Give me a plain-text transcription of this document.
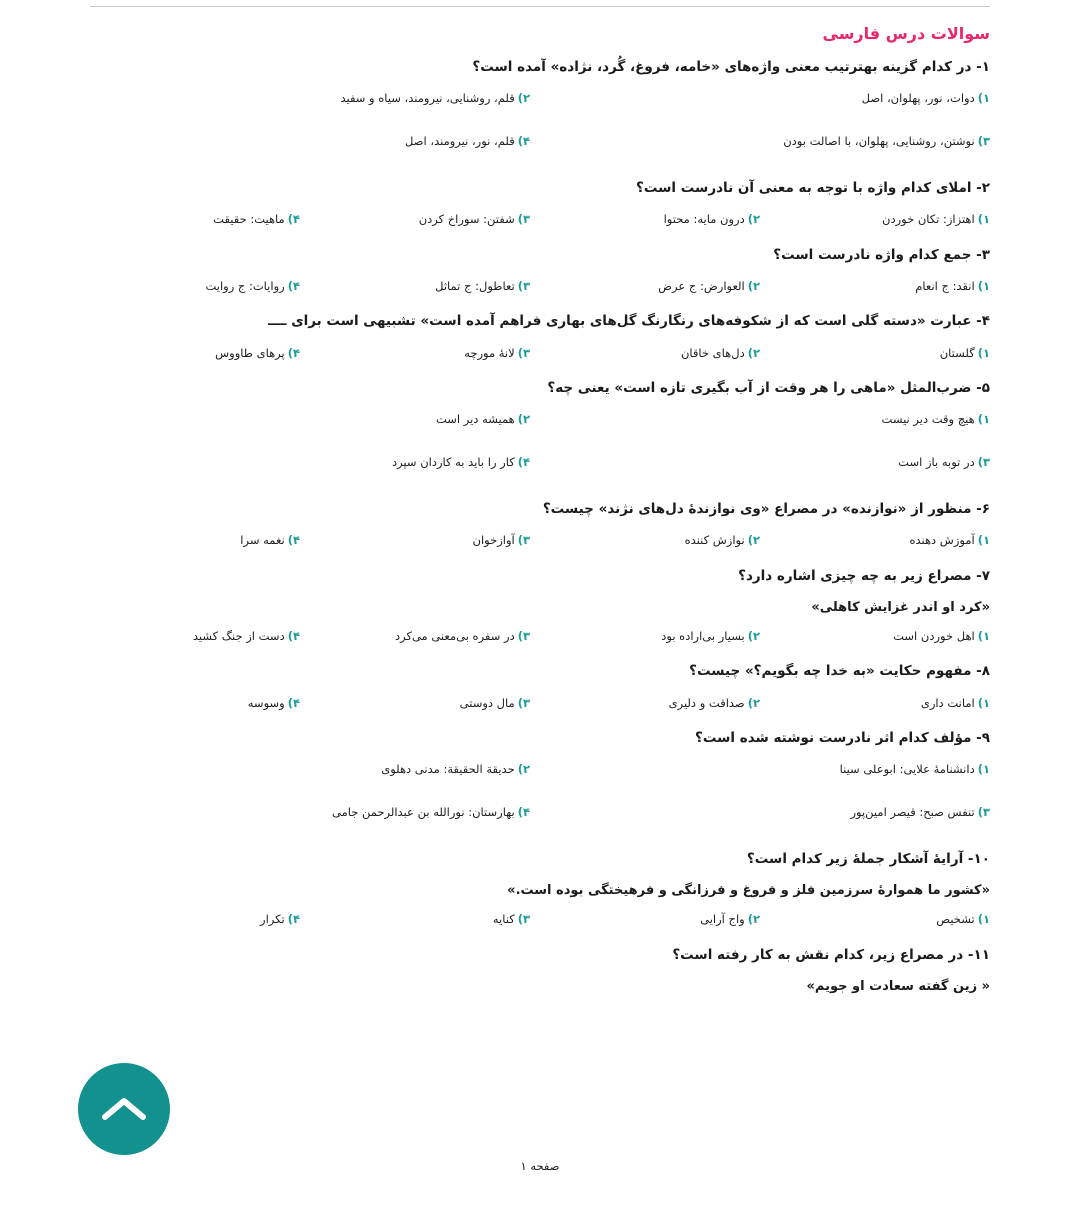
سوالات درس فارسی
۱- در کدام گزینه بهترتیب معنی واژه‌های «خامه، فروغ، گُرد، نژاده» آمده است؟
۱)دوات، نور، پهلوان، اصل
۲)قلم، روشنایی، نیرومند، سیاه و سفید
۳)نوشتن، روشنایی، پهلوان، با اصالت بودن
۴)قلم، نور، نیرومند، اصل
۲- املای کدام واژه با توجه به معنی آن نادرست است؟
۱)اهتزاز: تکان خوردن
۲)درون مایه: محتوا
۳)شفتن: سوراخ کردن
۴)ماهیت: حقیقت
۳- جمع کدام واژه نادرست است؟
۱)انقد: ج انعام
۲)العوارض: ج عرض
۳)تعاطول: ج تماثل
۴)روایات: ج روایت
۴- عبارت «دسته گلی است که از شکوفه‌های رنگارنگ گل‌های بهاری فراهم آمده است» تشبیهی است برای ــــ
۱)گلستان
۲)دل‌های خاقان
۳)لانهٔ مورچه
۴)پرهای طاووس
۵- ضرب‌المثل «ماهی را هر وقت از آب بگیری تازه است» یعنی چه؟
۱)هیچ وقت دیر نیست
۲)همیشه دیر است
۳)در توبه باز است
۴)کار را باید به کاردان سپرد
۶- منظور از «نوازنده» در مصراع «وی نوازندهٔ دل‌های نژند» چیست؟
۱)آموزش دهنده
۲)نوازش کننده
۳)آوازخوان
۴)نغمه سرا
۷- مصراع زیر به چه چیزی اشاره دارد؟
«کرد او اندر غزایش کاهلی»
۱)اهل خوردن است
۲)بسیار بی‌اراده بود
۳)در سفره بی‌معنی می‌کرد
۴)دست از جنگ کشید
۸- مفهوم حکایت «به خدا چه بگویم؟» چیست؟
۱)امانت داری
۲)صداقت و دلیری
۳)مال دوستی
۴)وسوسه
۹- مؤلف کدام اثر نادرست نوشته شده است؟
۱)دانشنامهٔ علایی: ابوعلی سینا
۲)حدیقة الحقیقة: مدنی دهلوی
۳)تنفس صبح: قیصر امین‌پور
۴)بهارستان: نورالله بن عبدالرحمن جامی
۱۰- آرایهٔ آشکار جملهٔ زیر کدام است؟
«کشور ما هموارهٔ سرزمین فلز و فروغ و فرزانگی و فرهیختگی بوده است.»
۱)تشخیص
۲)واج آرایی
۳)کنایه
۴)تکرار
۱۱- در مصراع زیر، کدام نقش به کار رفته است؟
« زین گفته سعادت او جویم»
صفحه ۱
